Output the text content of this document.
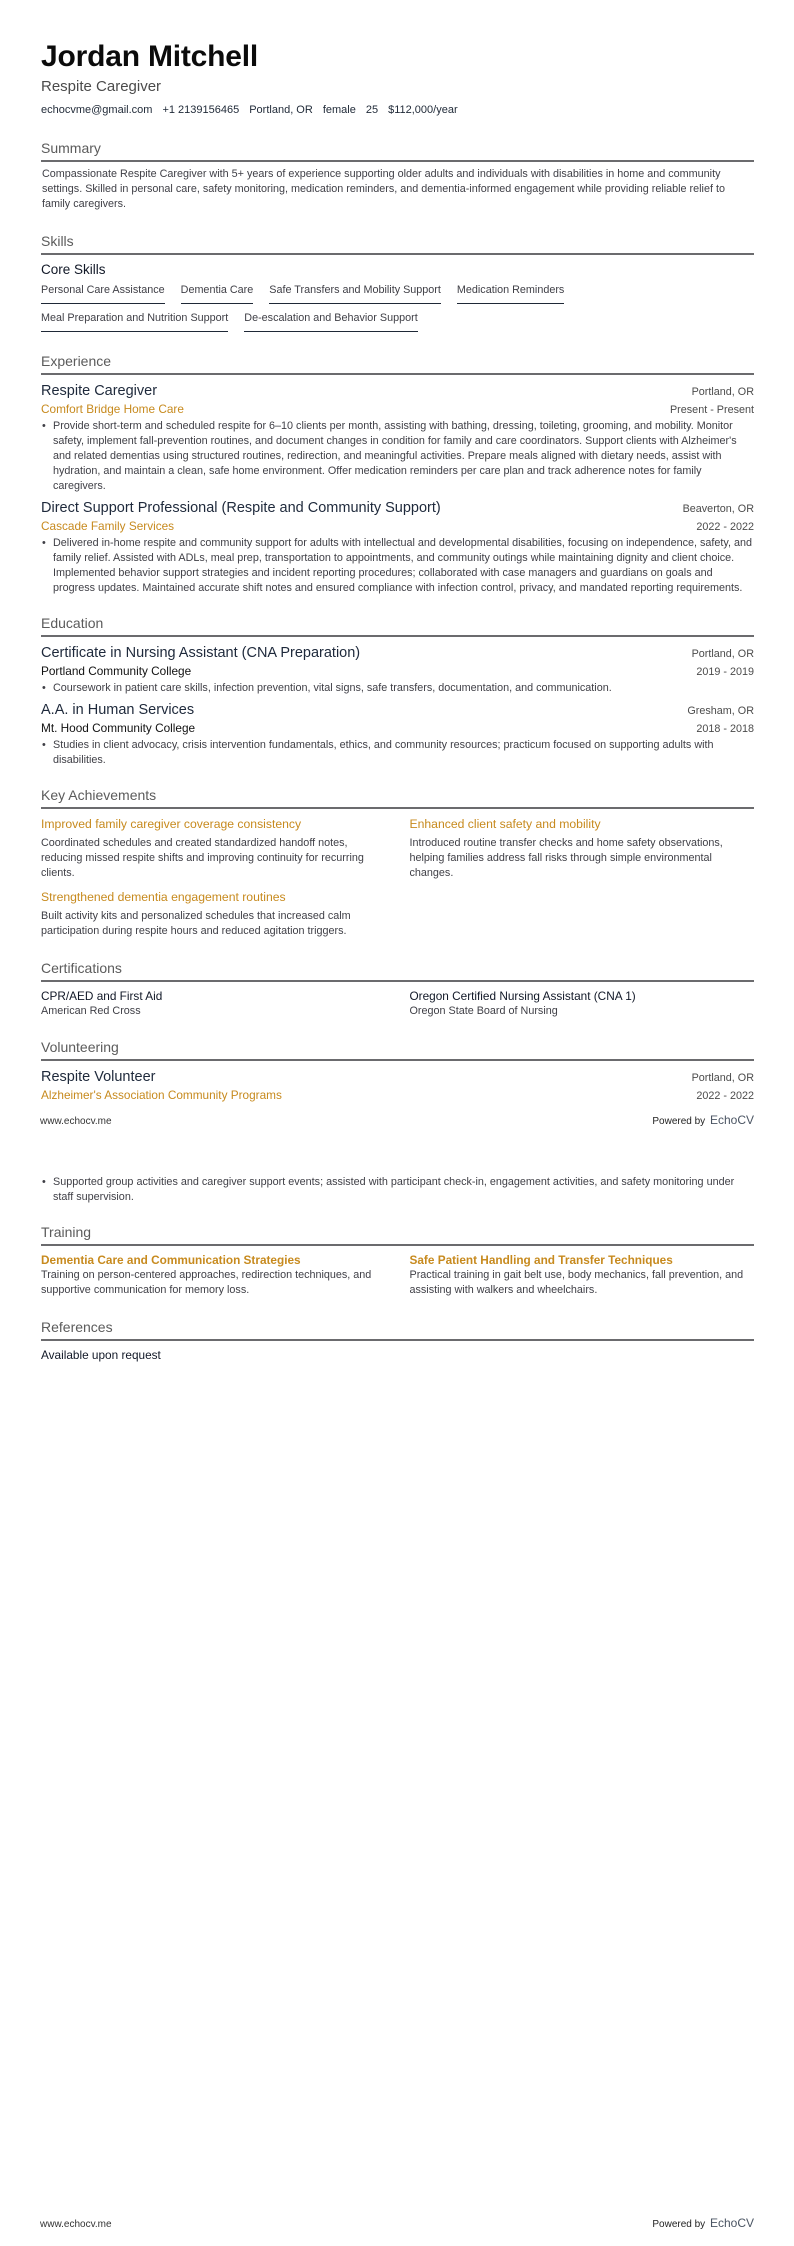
Jordan Mitchell
Respite Caregiver
echocvme@gmail.com +1 2139156465 Portland, OR female 25 $112,000/year
Summary
Compassionate Respite Caregiver with 5+ years of experience supporting older adults and individuals with disabilities in home and community settings. Skilled in personal care, safety monitoring, medication reminders, and dementia-informed engagement while providing reliable relief to family caregivers.
Skills
Core Skills
Personal Care Assistance Dementia Care Safe Transfers and Mobility Support Medication Reminders
Meal Preparation and Nutrition Support De-escalation and Behavior Support
Experience
Respite Caregiver	Portland, OR
Comfort Bridge Home Care	Present - Present
• Provide short-term and scheduled respite for 6–10 clients per month, assisting with bathing, dressing, toileting, grooming, and mobility. Monitor safety, implement fall-prevention routines, and document changes in condition for family and care coordinators. Support clients with Alzheimer's and related dementias using structured routines, redirection, and meaningful activities. Prepare meals aligned with dietary needs, assist with hydration, and maintain a clean, safe home environment. Offer medication reminders per care plan and track adherence notes for family caregivers.
Direct Support Professional (Respite and Community Support)	Beaverton, OR
Cascade Family Services	2022 - 2022
• Delivered in-home respite and community support for adults with intellectual and developmental disabilities, focusing on independence, safety, and family relief. Assisted with ADLs, meal prep, transportation to appointments, and community outings while maintaining dignity and client choice. Implemented behavior support strategies and incident reporting procedures; collaborated with case managers and guardians on goals and progress updates. Maintained accurate shift notes and ensured compliance with infection control, privacy, and mandated reporting requirements.
Education
Certificate in Nursing Assistant (CNA Preparation)	Portland, OR
Portland Community College	2019 - 2019
• Coursework in patient care skills, infection prevention, vital signs, safe transfers, documentation, and communication.
A.A. in Human Services	Gresham, OR
Mt. Hood Community College	2018 - 2018
• Studies in client advocacy, crisis intervention fundamentals, ethics, and community resources; practicum focused on supporting adults with disabilities.
Key Achievements
Improved family caregiver coverage consistency
Coordinated schedules and created standardized handoff notes, reducing missed respite shifts and improving continuity for recurring clients.
Enhanced client safety and mobility
Introduced routine transfer checks and home safety observations, helping families address fall risks through simple environmental changes.
Strengthened dementia engagement routines
Built activity kits and personalized schedules that increased calm participation during respite hours and reduced agitation triggers.
Certifications
CPR/AED and First Aid
American Red Cross
Oregon Certified Nursing Assistant (CNA 1)
Oregon State Board of Nursing
Volunteering
Respite Volunteer	Portland, OR
Alzheimer's Association Community Programs	2022 - 2022
www.echocv.me	Powered by EchoCV
• Supported group activities and caregiver support events; assisted with participant check-in, engagement activities, and safety monitoring under staff supervision.
Training
Dementia Care and Communication Strategies
Training on person-centered approaches, redirection techniques, and supportive communication for memory loss.
Safe Patient Handling and Transfer Techniques
Practical training in gait belt use, body mechanics, fall prevention, and assisting with walkers and wheelchairs.
References
Available upon request
www.echocv.me	Powered by EchoCV
